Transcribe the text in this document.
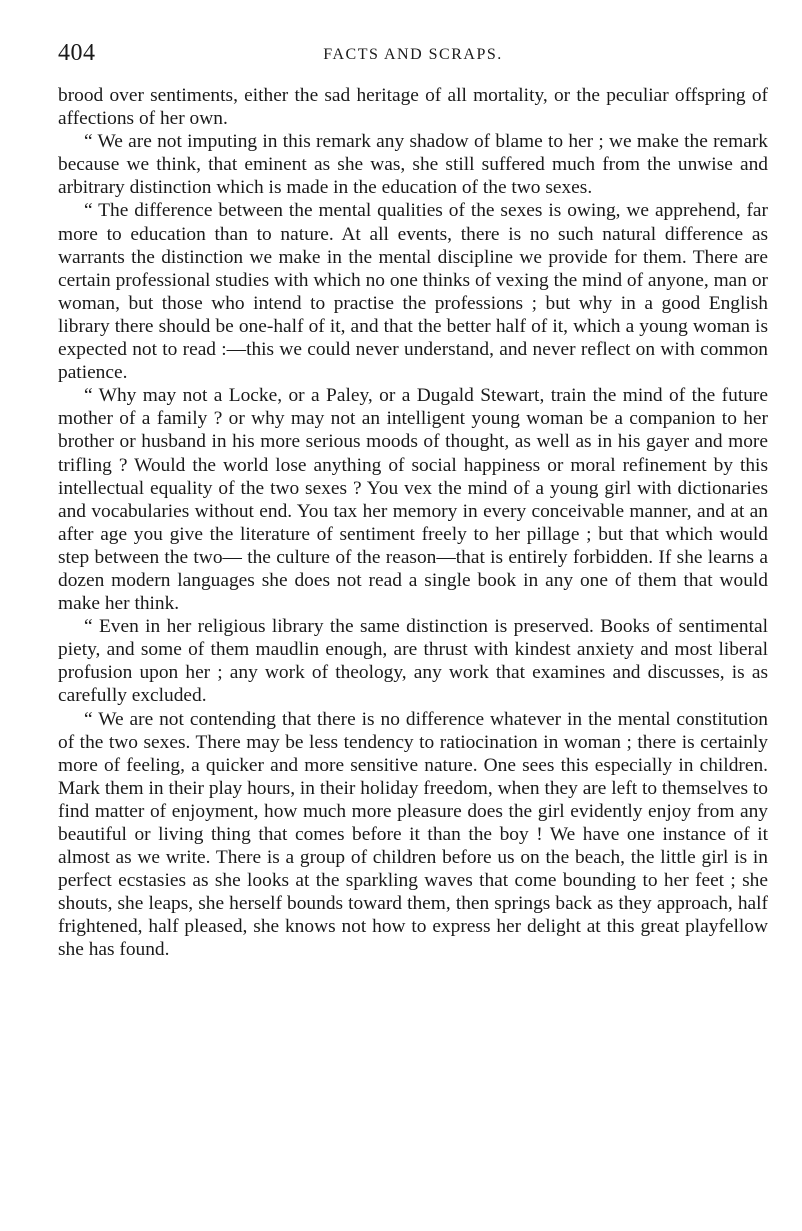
404	FACTS AND SCRAPS.

brood over sentiments, either the sad heritage of all mortality, or the peculiar offspring of affections of her own.

“ We are not imputing in this remark any shadow of blame to her ; we make the remark because we think, that eminent as she was, she still suffered much from the unwise and arbitrary distinction which is made in the education of the two sexes.

“ The difference between the mental qualities of the sexes is owing, we apprehend, far more to education than to nature. At all events, there is no such natural difference as warrants the distinction we make in the mental discipline we provide for them. There are certain professional studies with which no one thinks of vexing the mind of anyone, man or woman, but those who intend to practise the professions ; but why in a good English library there should be one-half of it, and that the better half of it, which a young woman is expected not to read :—this we could never understand, and never reflect on with common patience.

“ Why may not a Locke, or a Paley, or a Dugald Stewart, train the mind of the future mother of a family ? or why may not an intelligent young woman be a companion to her brother or husband in his more serious moods of thought, as well as in his gayer and more trifling ? Would the world lose anything of social happiness or moral refinement by this intellectual equality of the two sexes ? You vex the mind of a young girl with dictionaries and vocabularies without end. You tax her memory in every conceivable manner, and at an after age you give the literature of sentiment freely to her pillage ; but that which would step between the two— the culture of the reason—that is entirely forbidden. If she learns a dozen modern languages she does not read a single book in any one of them that would make her think.

“ Even in her religious library the same distinction is preserved. Books of sentimental piety, and some of them maudlin enough, are thrust with kindest anxiety and most liberal profusion upon her ; any work of theology, any work that examines and discusses, is as carefully excluded.

“ We are not contending that there is no difference whatever in the mental constitution of the two sexes. There may be less tendency to ratiocination in woman ; there is certainly more of feeling, a quicker and more sensitive nature. One sees this especially in children. Mark them in their play hours, in their holiday freedom, when they are left to themselves to find matter of enjoyment, how much more pleasure does the girl evidently enjoy from any beautiful or living thing that comes before it than the boy ! We have one instance of it almost as we write. There is a group of children before us on the beach, the little girl is in perfect ecstasies as she looks at the sparkling waves that come bounding to her feet ; she shouts, she leaps, she herself bounds toward them, then springs back as they approach, half frightened, half pleased, she knows not how to express her delight at this great playfellow she has found.
